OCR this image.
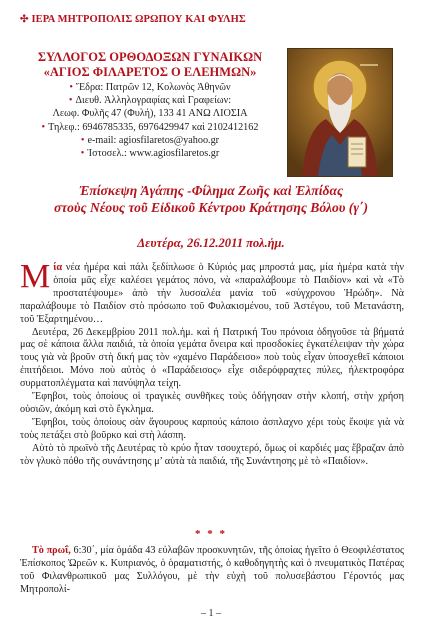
✣ ΙΕΡΑ ΜΗΤΡΟΠΟΛΙΣ ΩΡΩΠΟΥ ΚΑΙ ΦΥΛΗΣ
ΣΥΛΛΟΓΟΣ ΟΡΘΟΔΟΞΩΝ ΓΥΝΑΙΚΩΝ
«ΑΓΙΟΣ ΦΙΛΑΡΕΤΟΣ Ο ΕΛΕΗΜΩΝ»
• Ἕδρα: Πατρῶν 12, Κολωνὸς Ἀθηνῶν
• Διευθ. Ἀλληλογραφίας καὶ Γραφείων:
Λεωφ. Φυλῆς 47 (Φυλή), 133 41 ΑΝΩ ΛΙΟΣΙΑ
• Τηλεφ.: 6946785335, 6976429947 καὶ 2102412162
• e-mail: agiosfilaretos@yahoo.gr
• Ἰστοσελ.: www.agiosfilaretos.gr
Ἐπίσκεψη Ἀγάπης -Φίλημα Ζωῆς καὶ Ἐλπίδας
στοὺς Νέους τοῦ Εἰδικοῦ Κέντρου Κράτησης Βόλου (γ΄)
Δευτέρα, 26.12.2011 πολ.ἡμ.

Μία νέα ἡμέρα καὶ πάλι ξεδίπλωσε ὁ Κύριός μας μπροστά μας, μία ἡμέρα κατὰ τὴν ὁποία μᾶς εἶχε καλέσει γεμάτος πόνο, νὰ «παραλάβουμε τὸ Παιδίον» καὶ νὰ «Τὸ προστατέψουμε» ἀπὸ τὴν λυσσαλέα μανία τοῦ «σύγχρονου Ἡρώδη». Νὰ παραλάβουμε τὸ Παιδίον στὸ πρόσωπο τοῦ Φυλακισμένου, τοῦ Ἀστέγου, τοῦ Μετανάστη, τοῦ Ἐξαρτημένου…

Δευτέρα, 26 Δεκεμβρίου 2011 πολ.ἡμ. καὶ ἡ Πατρική Του πρόνοια ὁδηγοῦσε τὰ βήματά μας σὲ κάποια ἄλλα παιδιά, τὰ ὁποία γεμάτα ὄνειρα καὶ προσδοκίες ἐγκατέλειψαν τὴν χώρα τους γιὰ νὰ βροῦν στὴ δική μας τὸν «χαμένο Παράδεισο» ποὺ τοὺς εἶχαν ὑποσχεθεῖ κάποιοι ἐπιτήδειοι. Μόνο ποὺ αὐτὸς ὁ «Παράδεισος» εἶχε σιδερόφραχτες πύλες, ἠλεκτροφόρα συρματοπλέγματα καὶ πανύψηλα τείχη.

Ἔφηβοι, τοὺς ὁποίους οἱ τραγικὲς συνθῆκες τοὺς ὁδήγησαν στὴν κλοπή, στὴν χρήση οὐσιῶν, ἀκόμη καὶ στὸ ἔγκλημα.

Ἔφηβοι, τοὺς ὁποίους σὰν ἄγουρους καρπούς κάποιο ἀσπλαχνο χέρι τοὺς ἔκοψε γιὰ νὰ τοὺς πετάξει στὸ βοῦρκο καὶ στὴ λάσπη.

Αὐτὸ τὸ πρωϊνὸ τῆς Δευτέρας τὸ κρύο ἦταν τσουχτερό, ὅμως οἱ καρδιές μας ἔβραζαν ἀπὸ τὸν γλυκὸ πόθο τῆς συνάντησης μ’ αὐτὰ τὰ παιδιά, τῆς Συνάντησης μὲ τὸ «Παιδίον».

* * *

Τὸ πρωΐ, 6:30΄, μία ὁμάδα 43 εὐλαβῶν προσκυνητῶν, τῆς ὁποίας ἡγεῖτο ὁ Θεοφιλέστατος Ἐπίσκοπος Ὠρεῶν κ. Κυπριανός, ὁ ὁραματιστής, ὁ καθοδηγητὴς καὶ ὁ πνευματικὸς Πατέρας τοῦ Φιλανθρωπικοῦ μας Συλλόγου, μὲ τὴν εὐχὴ τοῦ πολυσεβάστου Γέροντός μας Μητροπολί-

– 1 –
